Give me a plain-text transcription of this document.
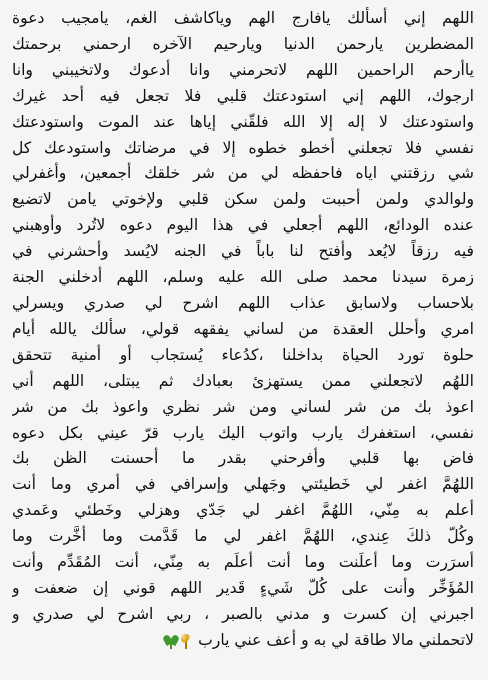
اللهم إني أسألك يافارج الهم وياكاشف الغم، يامجيب دعوة
المضطرين يارحمن الدنيا ويارحيم الآخره ارحمني برحمتك
ياأرحم الراحمين اللهم لاتحرمني وانا أدعوك ولاتخيبني وانا
ارجوك، اللهم إني استودعتك قلبي فلا تجعل فيه أحد غيرك
واستودعتك لا إله إلا الله فلقّني إياها عند الموت واستودعتك
نفسي فلا تجعلني أخطو خطوه إلا في مرضاتك واستودعك كل
شي رزقتني اياه فاحفظه لي من شر خلقك أجمعين، وأغفرلي
ولوالدي ولمن أحببت ولمن سكن قلبي ولإخوتي يامن لاتضيع
عنده الودائع، اللهم أجعلي في هذا اليوم دعوه لاتُرد وأوهبني
فيه رزقاً لايُعد وأفتح لنا باباً في الجنه لايُسد وأحشرني في
زمرة سيدنا محمد صلى الله عليه وسلم، اللهم أدخلني الجنة
بلاحساب ولاسابق عذاب اللهم اشرح لي صدري ويسرلي
امري وأحلل العقدة من لساني يفقهه قولي، سألك يالله أيام
حلوة تورد الحياة بداخلنا ،كدُعاء يُستجاب أو أمنية تتحقق
اللهُم لاتجعلني ممن يستهزئ بعبادك ثم يبتلى، اللهم أني
اعوذ بك من شر لساني ومن شر نظري واعوذ بك من شر
نفسي، استغفرك يارب واتوب اليك يارب قرّ عيني بكل دعوه
فاض بها قلبي وأفرحني بقدر ما أحسنت الظن بك
اللهُمَّ اغفر لي خَطيئتي وجَهلي وإسرافي في أمري وما أنت
أعلم به مِنّي، اللهُمَّ اغفر لي جَدّي وهزلي وخَطئي وعَمدي
وكُلّ ذلكَ عِندي، اللهُمَّ اغفر لي ما قَدَّمت وما أخَّرت وما
أسرَرت وما أعلَنت وما أنت أعلَم به مِنّي، أنت المُقَدِّم وأنت
المُؤَخِّر وأنت على كُلّ شَيءٍ قَدير اللهم قوني إن ضعفت و
اجبرني إن كسرت و مدني بالصبر ، ربي اشرح لي صدري و
لاتحملني مالا طاقة لي به و أعف عني يارب
